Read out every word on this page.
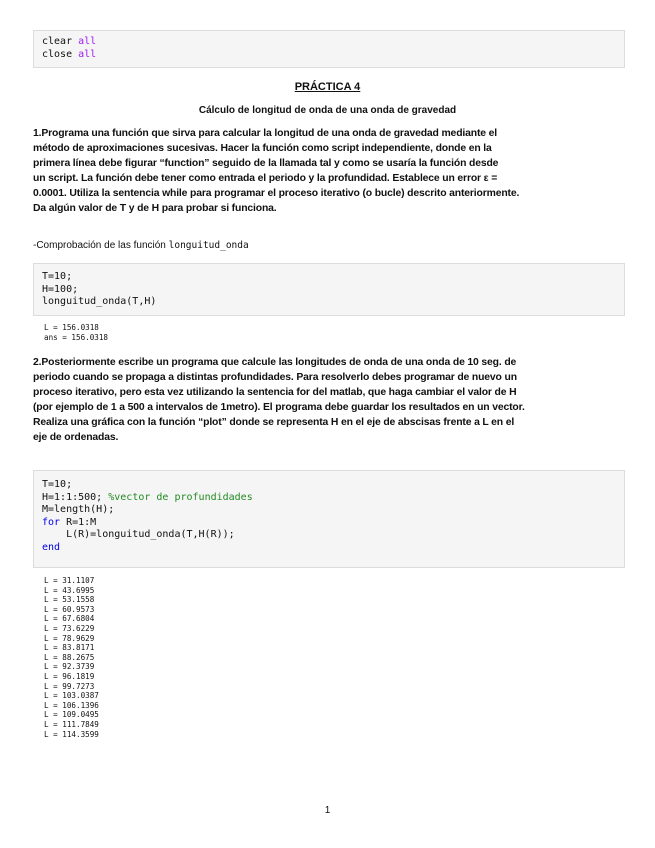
clear all
close all
PRÁCTICA 4
Cálculo de longitud de onda de una onda de gravedad
1.Programa una función que sirva para calcular la longitud de una onda de gravedad mediante el
método de aproximaciones sucesivas. Hacer la función como script independiente, donde en la
primera línea debe figurar “function” seguido de la llamada tal y como se usaría la función desde
un script. La función debe tener como entrada el periodo y la profundidad. Establece un error ε =
0.0001. Utiliza la sentencia while para programar el proceso iterativo (o bucle) descrito anteriormente.
Da algún valor de T y de H para probar si funciona.
-Comprobación de las función longuitud_onda
T=10;
H=100;
longuitud_onda(T,H)
L = 156.0318
ans = 156.0318
2.Posteriormente escribe un programa que calcule las longitudes de onda de una onda de 10 seg. de
periodo cuando se propaga a distintas profundidades. Para resolverlo debes programar de nuevo un
proceso iterativo, pero esta vez utilizando la sentencia for del matlab, que haga cambiar el valor de H
(por ejemplo de 1 a 500 a intervalos de 1metro). El programa debe guardar los resultados en un vector.
Realiza una gráfica con la función “plot” donde se representa H en el eje de abscisas frente a L en el
eje de ordenadas.
T=10;
H=1:1:500; %vector de profundidades
M=length(H);
for R=1:M
L(R)=longuitud_onda(T,H(R));
end
L = 31.1107
L = 43.6995
L = 53.1558
L = 60.9573
L = 67.6804
L = 73.6229
L = 78.9629
L = 83.8171
L = 88.2675
L = 92.3739
L = 96.1819
L = 99.7273
L = 103.0387
L = 106.1396
L = 109.0495
L = 111.7849
L = 114.3599
1
